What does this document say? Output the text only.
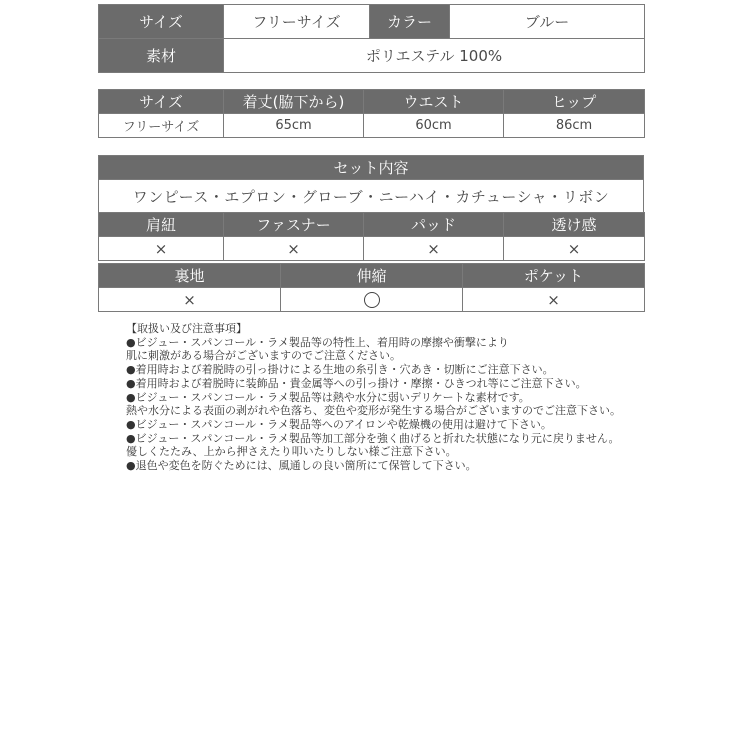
サイズ	フリーサイズ	カラー	ブルー
素材	ポリエステル 100%		
サイズ	着丈(脇下から)	ウエスト	ヒップ
フリーサイズ	65cm	60cm	86cm
セット内容
ワンピース・エプロン・グローブ・ニーハイ・カチューシャ・リボン
肩紐	ファスナー	パッド	透け感
×	×	×	×
裏地	伸縮	ポケット
×		×
【取扱い及び注意事項】
●ビジュー・スパンコール・ラメ製品等の特性上、着用時の摩擦や衝撃により
肌に刺激がある場合がございますのでご注意ください。
●着用時および着脱時の引っ掛けによる生地の糸引き・穴あき・切断にご注意下さい。
●着用時および着脱時に装飾品・貴金属等への引っ掛け・摩擦・ひきつれ等にご注意下さい。
●ビジュー・スパンコール・ラメ製品等は熱や水分に弱いデリケートな素材です。
熱や水分による表面の剥がれや色落ち、変色や変形が発生する場合がございますのでご注意下さい。
●ビジュー・スパンコール・ラメ製品等へのアイロンや乾燥機の使用は避けて下さい。
●ビジュー・スパンコール・ラメ製品等加工部分を強く曲げると折れた状態になり元に戻りません。
優しくたたみ、上から押さえたり叩いたりしない様ご注意下さい。
●退色や変色を防ぐためには、風通しの良い箇所にて保管して下さい。
